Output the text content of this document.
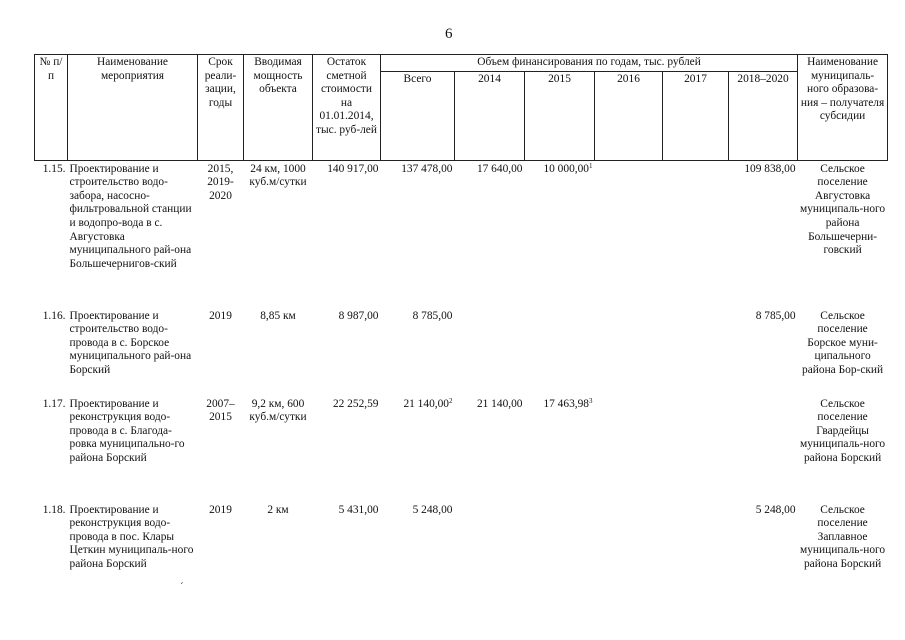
6
№ п/п	Наименование мероприятия	Срок реали-зации, годы	Вводимая мощность объекта	Остаток сметной стоимости на 01.01.2014, тыс. руб-лей	Объем финансирования по годам, тыс. рублей						Наименование муниципаль-ного образова-ния – получателя субсидии
					Всего	2014	2015	2016	2017	2018–2020	
1.15.	Проектирование и строительство водо-забора, насосно-фильтровальной станции и водопро-вода в с. Августовка муниципального рай-она Большечернигов-ский	2015, 2019-2020	24 км, 1000 куб.м/сутки	140 917,00	137 478,00	17 640,00	10 000,00$^1$			109 838,00	Сельское поселение Августовка муниципаль-ного района Большечерни-говский
1.16.	Проектирование и строительство водо-провода в с. Борское муниципального рай-она Борский	2019	8,85 км	8 987,00	8 785,00					8 785,00	Сельское поселение Борское муни-ципального района Бор-ский
1.17.	Проектирование и реконструкция водо-провода в с. Благода-ровка муниципально-го района Борский	2007–2015	9,2 км, 600 куб.м/сутки	22 252,59	21 140,00$^2$	21 140,00	17 463,98$^3$				Сельское поселение Гвардейцы муниципаль-ного района Борский
1.18.	Проектирование и реконструкция водо-провода в пос. Клары Цеткин муниципаль-ного района Борский	2019	2 км	5 431,00	5 248,00					5 248,00	Сельское поселение Заплавное муниципаль-ного района Борский
ˊ
